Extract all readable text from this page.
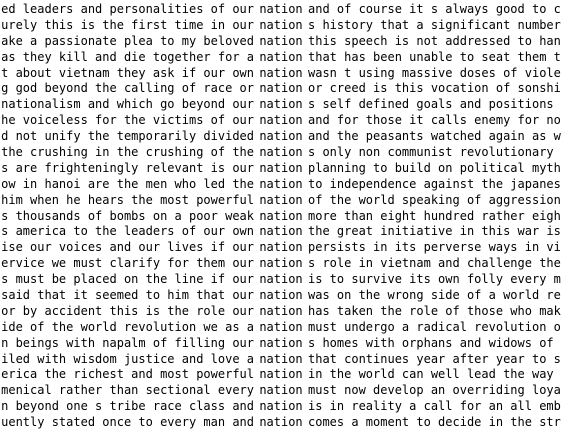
ed leaders and personalities of our nation and of course it s always good to c
urely this is the first time in our nation s history that a significant number
ake a passionate plea to my beloved nation this speech is not addressed to han
as they kill and die together for a nation that has been unable to seat them t
t about vietnam they ask if our own nation wasn t using massive doses of viole
g god beyond the calling of race or nation or creed is this vocation of sonshi
nationalism and which go beyond our nation s self defined goals and positions
he voiceless for the victims of our nation and for those it calls enemy for no
d not unify the temporarily divided nation and the peasants watched again as w
the crushing in the crushing of the nation s only non communist revolutionary
s are frighteningly relevant is our nation planning to build on political myth
ow in hanoi are the men who led the nation to independence against the japanes
him when he hears the most powerful nation of the world speaking of aggression
s thousands of bombs on a poor weak nation more than eight hundred rather eigh
s america to the leaders of our own nation the great initiative in this war is
ise our voices and our lives if our nation persists in its perverse ways in vi
ervice we must clarify for them our nation s role in vietnam and challenge the
s must be placed on the line if our nation is to survive its own folly every m
said that it seemed to him that our nation was on the wrong side of a world re
or by accident this is the role our nation has taken the role of those who mak
ide of the world revolution we as a nation must undergo a radical revolution o
n beings with napalm of filling our nation s homes with orphans and widows of
iled with wisdom justice and love a nation that continues year after year to s
erica the richest and most powerful nation in the world can well lead the way
menical rather than sectional every nation must now develop an overriding loya
n beyond one s tribe race class and nation is in reality a call for an all emb
uently stated once to every man and nation comes a moment to decide in the str
